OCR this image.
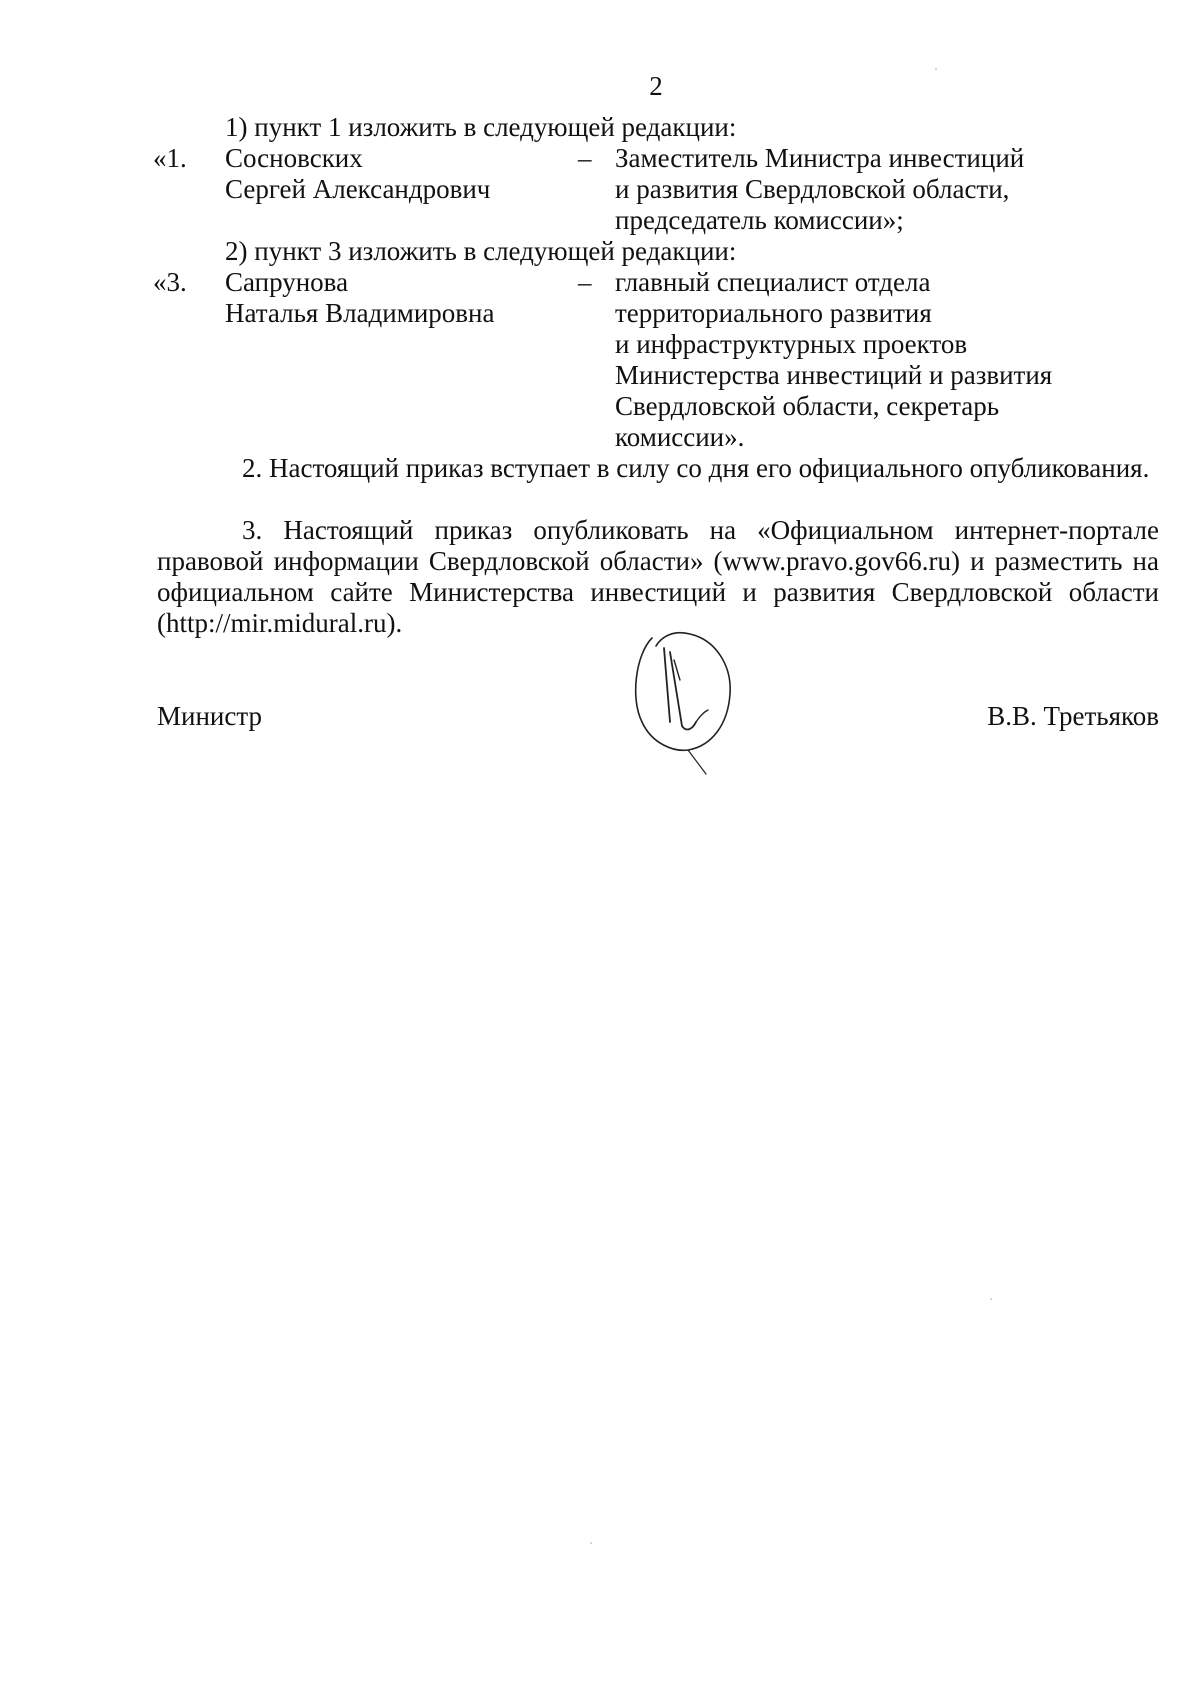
2
1) пункт 1 изложить в следующей редакции:
«1. Сосновских
Сергей Александрович
– Заместитель Министра инвестиций
и развития Свердловской области,
председатель комиссии»;
2) пункт 3 изложить в следующей редакции:
«3. Сапрунова
Наталья Владимировна
– главный специалист отдела
территориального развития
и инфраструктурных проектов
Министерства инвестиций и развития
Свердловской области, секретарь
комиссии».
2. Настоящий приказ вступает в силу со дня его официального опубликования.
3. Настоящий приказ опубликовать на «Официальном интернет-портале правовой информации Свердловской области» (www.pravo.gov66.ru) и разместить на официальном сайте Министерства инвестиций и развития Свердловской области (http://mir.midural.ru).
Министр	В.В. Третьяков
